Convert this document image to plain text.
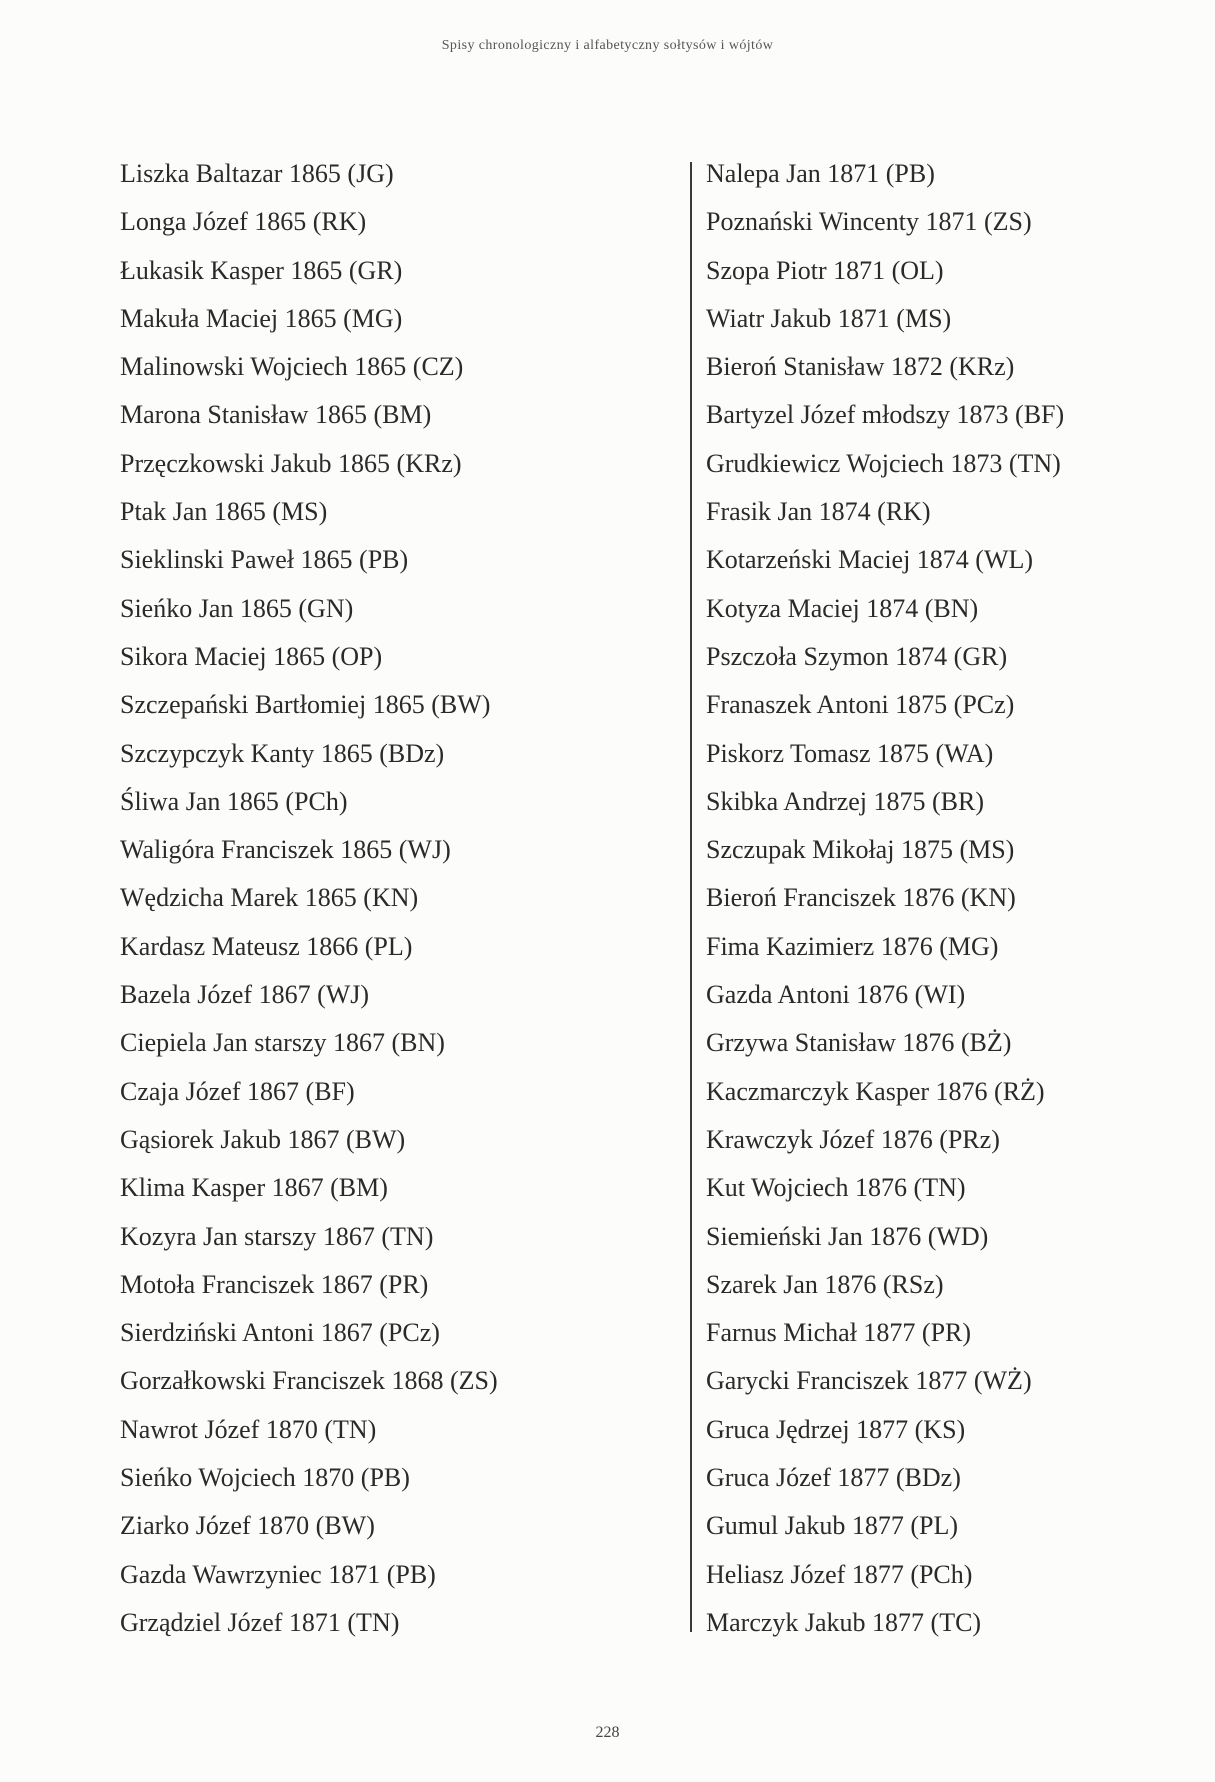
Spisy chronologiczny i alfabetyczny sołtysów i wójtów
Liszka Baltazar 1865 (JG)
Longa Józef 1865 (RK)
Łukasik Kasper 1865 (GR)
Makuła Maciej 1865 (MG)
Malinowski Wojciech 1865 (CZ)
Marona Stanisław 1865 (BM)
Przęczkowski Jakub 1865 (KRz)
Ptak Jan 1865 (MS)
Sieklinski Paweł 1865 (PB)
Sieńko Jan 1865 (GN)
Sikora Maciej 1865 (OP)
Szczepański Bartłomiej 1865 (BW)
Szczypczyk Kanty 1865 (BDz)
Śliwa Jan 1865 (PCh)
Waligóra Franciszek 1865 (WJ)
Wędzicha Marek 1865 (KN)
Kardasz Mateusz 1866 (PL)
Bazela Józef 1867 (WJ)
Ciepiela Jan starszy 1867 (BN)
Czaja Józef 1867 (BF)
Gąsiorek Jakub 1867 (BW)
Klima Kasper 1867 (BM)
Kozyra Jan starszy 1867 (TN)
Motoła Franciszek 1867 (PR)
Sierdziński Antoni 1867 (PCz)
Gorzałkowski Franciszek 1868 (ZS)
Nawrot Józef 1870 (TN)
Sieńko Wojciech 1870 (PB)
Ziarko Józef 1870 (BW)
Gazda Wawrzyniec 1871 (PB)
Grządziel Józef 1871 (TN)
Nalepa Jan 1871 (PB)
Poznański Wincenty 1871 (ZS)
Szopa Piotr 1871 (OL)
Wiatr Jakub 1871 (MS)
Bieroń Stanisław 1872 (KRz)
Bartyzel Józef młodszy 1873 (BF)
Grudkiewicz Wojciech 1873 (TN)
Frasik Jan 1874 (RK)
Kotarzeński Maciej 1874 (WL)
Kotyza Maciej 1874 (BN)
Pszczoła Szymon 1874 (GR)
Franaszek Antoni 1875 (PCz)
Piskorz Tomasz 1875 (WA)
Skibka Andrzej 1875 (BR)
Szczupak Mikołaj 1875 (MS)
Bieroń Franciszek 1876 (KN)
Fima Kazimierz 1876 (MG)
Gazda Antoni 1876 (WI)
Grzywa Stanisław 1876 (BŻ)
Kaczmarczyk Kasper 1876 (RŻ)
Krawczyk Józef 1876 (PRz)
Kut Wojciech 1876 (TN)
Siemieński Jan 1876 (WD)
Szarek Jan 1876 (RSz)
Farnus Michał 1877 (PR)
Garycki Franciszek 1877 (WŻ)
Gruca Jędrzej 1877 (KS)
Gruca Józef 1877 (BDz)
Gumul Jakub 1877 (PL)
Heliasz Józef 1877 (PCh)
Marczyk Jakub 1877 (TC)
228
